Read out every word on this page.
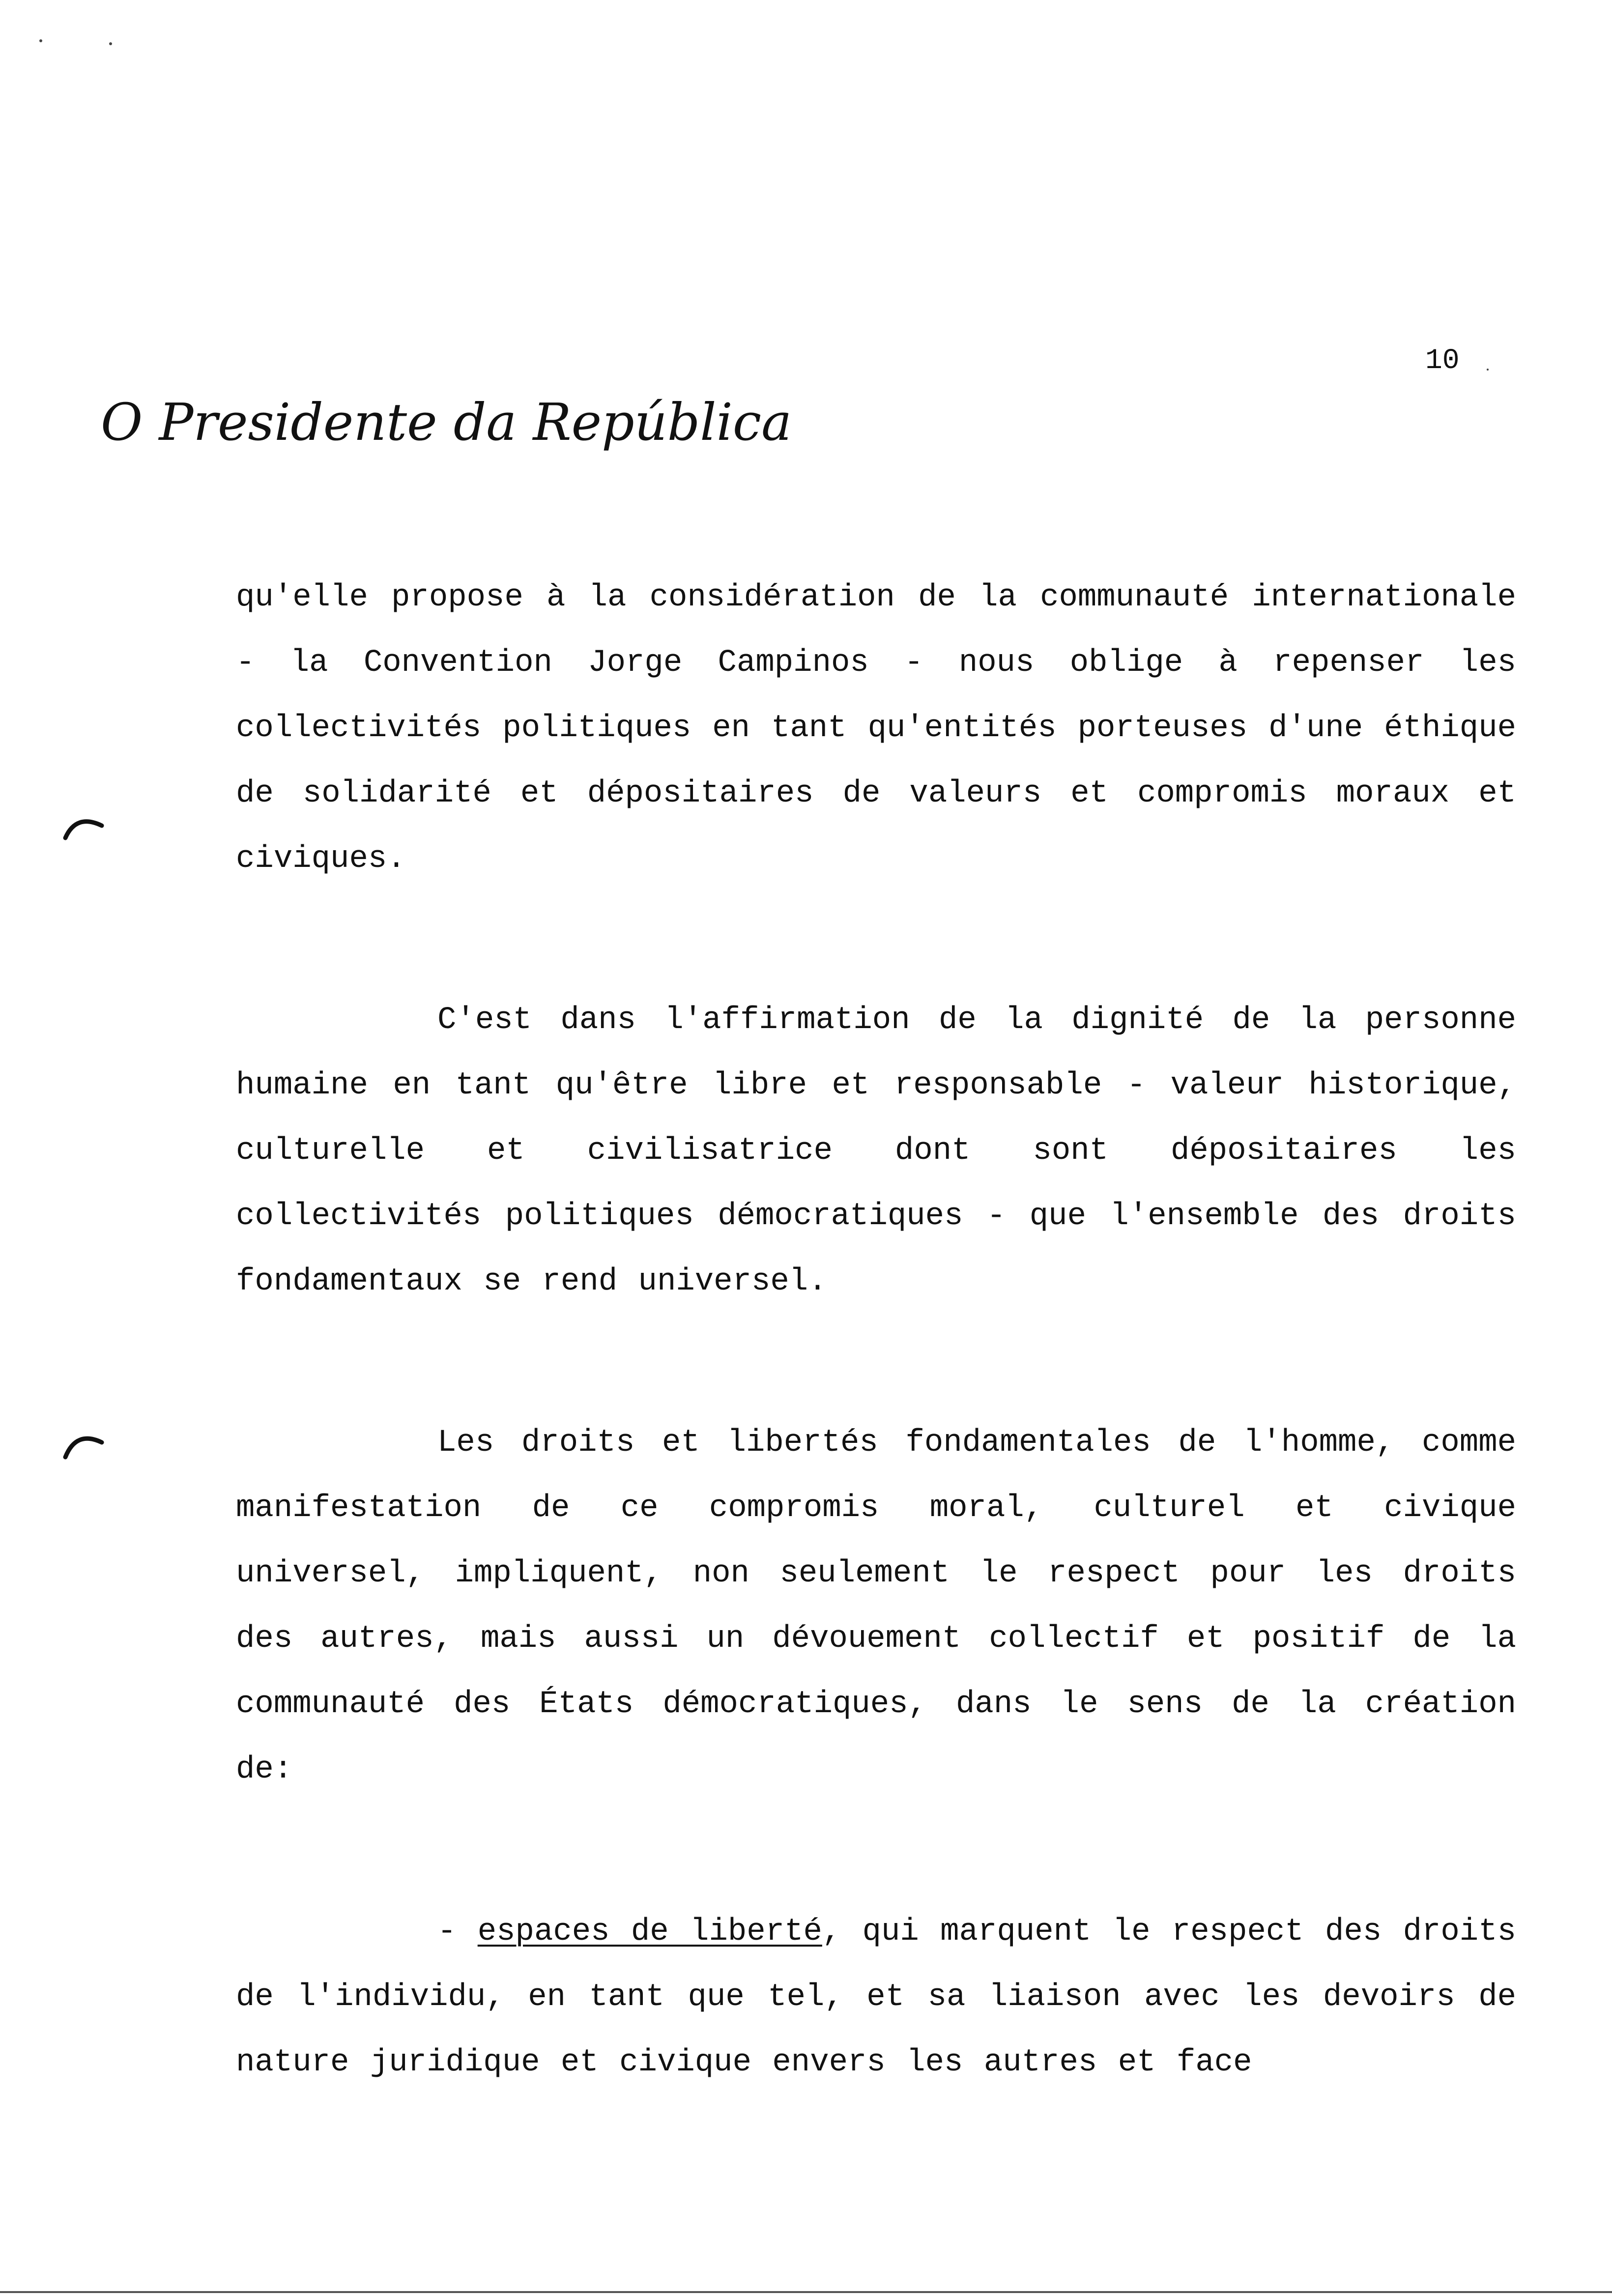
O Presidente da República
10

qu'elle propose à la considération de la communauté internationale - la Convention Jorge Campinos - nous oblige à repenser les collectivités politiques en tant qu'entités porteuses d'une éthique de solidarité et dépositaires de valeurs et compromis moraux et civiques.

C'est dans l'affirmation de la dignité de la personne humaine en tant qu'être libre et responsable - valeur historique, culturelle et civilisatrice dont sont dépositaires les collectivités politiques démocratiques - que l'ensemble des droits fondamentaux se rend universel.

Les droits et libertés fondamentales de l'homme, comme manifestation de ce compromis moral, culturel et civique universel, impliquent, non seulement le respect pour les droits des autres, mais aussi un dévouement collectif et positif de la communauté des États démocratiques, dans le sens de la création de:

- espaces de liberté, qui marquent le respect des droits de l'individu, en tant que tel, et sa liaison avec les devoirs de nature juridique et civique envers les autres et face
